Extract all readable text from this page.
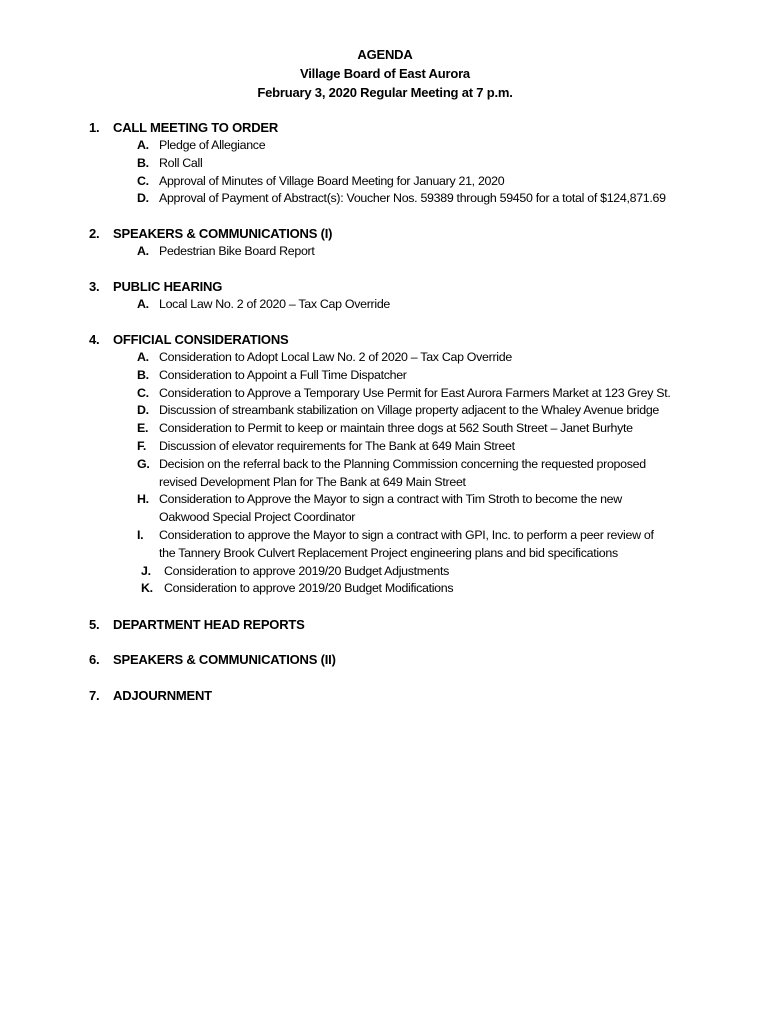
AGENDA
Village Board of East Aurora
February 3, 2020 Regular Meeting at 7 p.m.
1. CALL MEETING TO ORDER
A. Pledge of Allegiance
B. Roll Call
C. Approval of Minutes of Village Board Meeting for January 21, 2020
D. Approval of Payment of Abstract(s): Voucher Nos. 59389 through 59450 for a total of $124,871.69
2. SPEAKERS & COMMUNICATIONS (I)
A. Pedestrian Bike Board Report
3. PUBLIC HEARING
A. Local Law No. 2 of 2020 – Tax Cap Override
4. OFFICIAL CONSIDERATIONS
A. Consideration to Adopt Local Law No. 2 of 2020 – Tax Cap Override
B. Consideration to Appoint a Full Time Dispatcher
C. Consideration to Approve a Temporary Use Permit for East Aurora Farmers Market at 123 Grey St.
D. Discussion of streambank stabilization on Village property adjacent to the Whaley Avenue bridge
E. Consideration to Permit to keep or maintain three dogs at 562 South Street – Janet Burhyte
F.	Discussion of elevator requirements for The Bank at 649 Main Street
G. Decision on the referral back to the Planning Commission concerning the requested proposed
revised Development Plan for The Bank at 649 Main Street
H. Consideration to Approve the Mayor to sign a contract with Tim Stroth to become the new
Oakwood Special Project Coordinator
I.	Consideration to approve the Mayor to sign a contract with GPI, Inc. to perform a peer review of
the Tannery Brook Culvert Replacement Project engineering plans and bid specifications
J.	Consideration to approve 2019/20 Budget Adjustments
K. Consideration to approve 2019/20 Budget Modifications
5. DEPARTMENT HEAD REPORTS
6. SPEAKERS & COMMUNICATIONS (II)
7. ADJOURNMENT
